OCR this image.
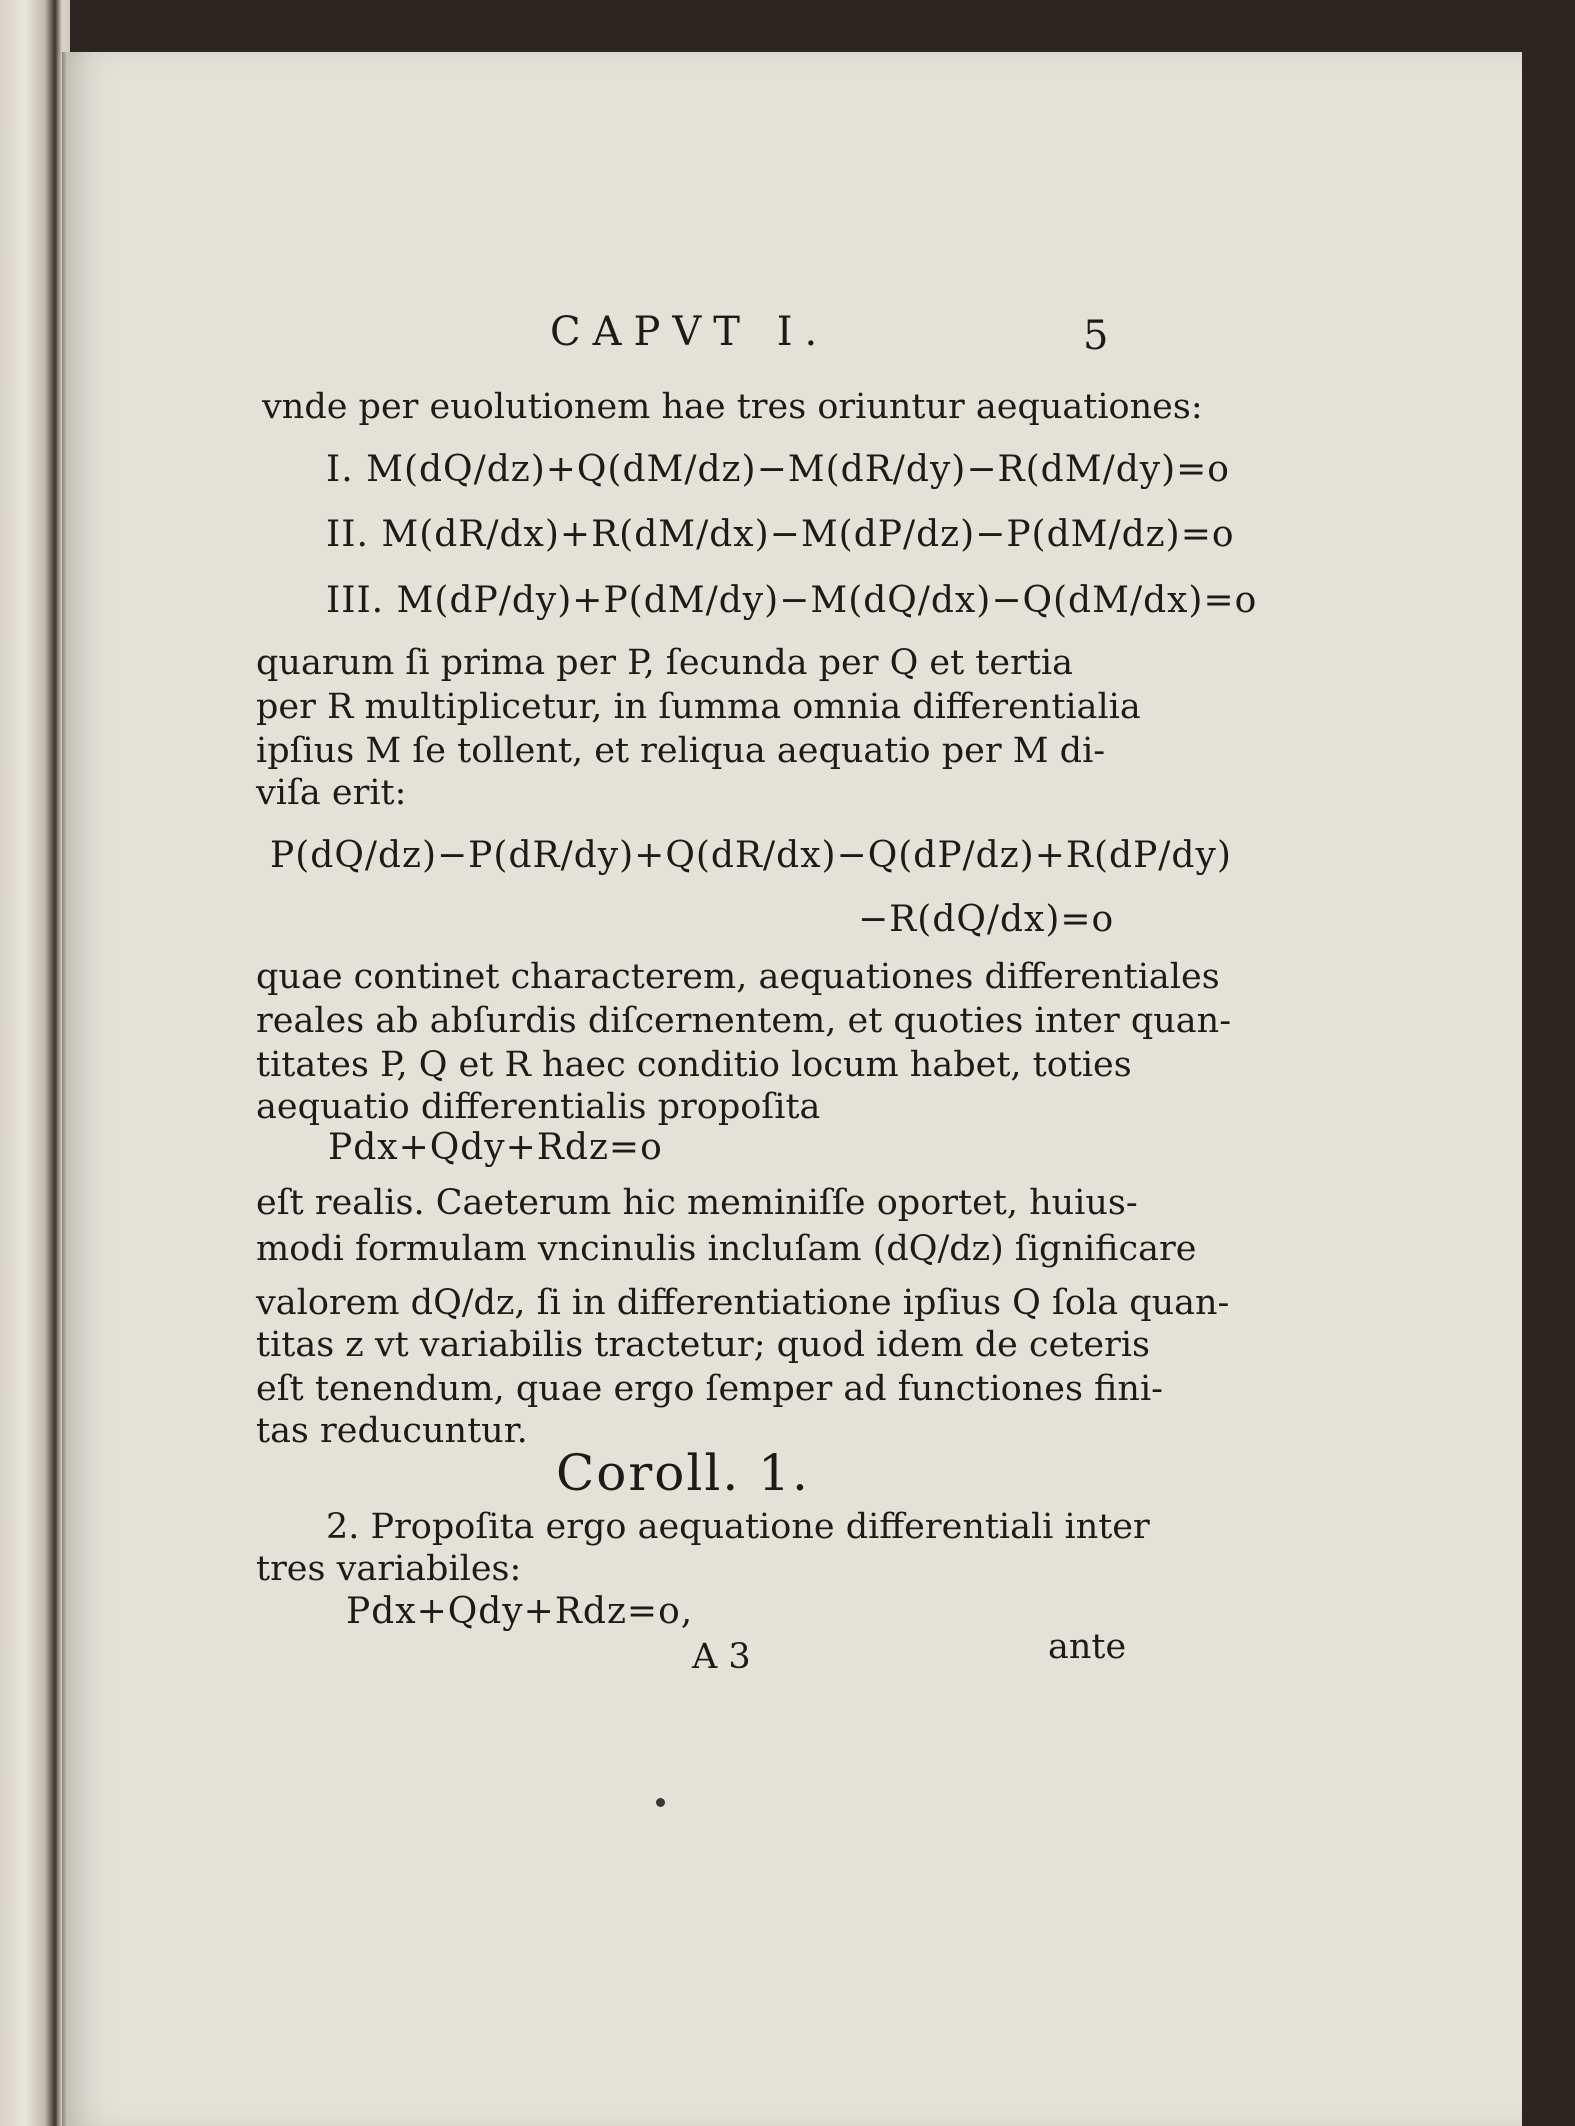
CAPVT I.	5
vnde per euolutionem hae tres oriuntur aequationes:
I. M(dQ/dz)+Q(dM/dz)−M(dR/dy)−R(dM/dy)=o
II. M(dR/dx)+R(dM/dx)−M(dP/dz)−P(dM/dz)=o
III. M(dP/dy)+P(dM/dy)−M(dQ/dx)−Q(dM/dx)=o
quarum ſi prima per P, ſecunda per Q et tertia
per R multiplicetur, in ſumma omnia differentialia
ipſius M ſe tollent, et reliqua aequatio per M di-
viſa erit:
P(dQ/dz)−P(dR/dy)+Q(dR/dx)−Q(dP/dz)+R(dP/dy)
−R(dQ/dx)=o
quae continet characterem, aequationes differentiales
reales ab abſurdis diſcernentem, et quoties inter quan-
titates P, Q et R haec conditio locum habet, toties
aequatio differentialis propoſita
Pdx+Qdy+Rdz=o
eſt realis. Caeterum hic meminiſſe oportet, huius-
modi formulam vncinulis incluſam (dQ/dz) ſignificare
valorem dQ/dz, ſi in differentiatione ipſius Q ſola quan-
titas z vt variabilis tractetur; quod idem de ceteris
eſt tenendum, quae ergo ſemper ad functiones fini-
tas reducuntur.
Coroll. 1.
2. Propoſita ergo aequatione differentiali inter
tres variabiles:
Pdx+Qdy+Rdz=o,
A 3	ante
